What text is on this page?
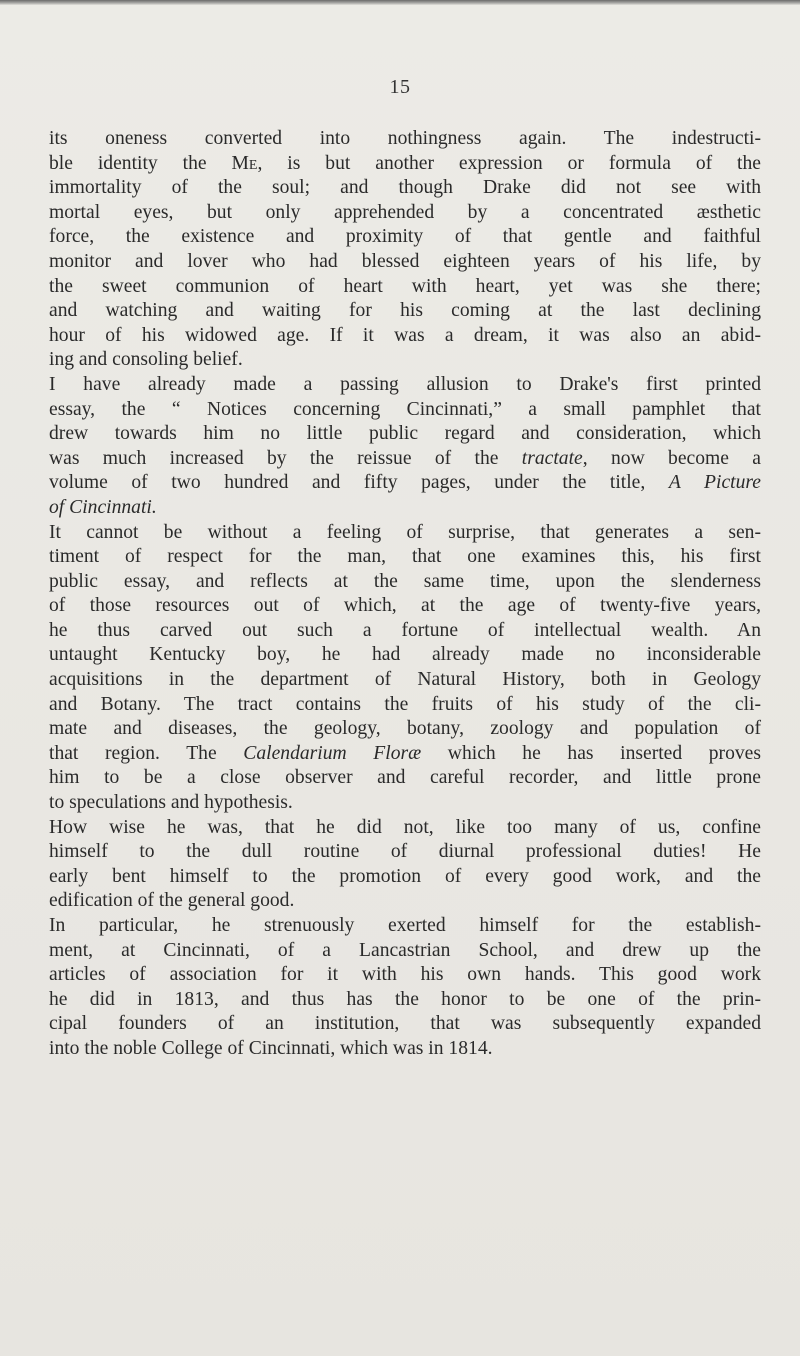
15
its oneness converted into nothingness again. The indestructi-
ble identity the Me, is but another expression or formula of the
immortality of the soul; and though Drake did not see with
mortal eyes, but only apprehended by a concentrated æsthetic
force, the existence and proximity of that gentle and faithful
monitor and lover who had blessed eighteen years of his life, by
the sweet communion of heart with heart, yet was she there;
and watching and waiting for his coming at the last declining
hour of his widowed age. If it was a dream, it was also an abid-
ing and consoling belief.
I have already made a passing allusion to Drake's first printed
essay, the “ Notices concerning Cincinnati,” a small pamphlet that
drew towards him no little public regard and consideration, which
was much increased by the reissue of the tractate, now become a
volume of two hundred and fifty pages, under the title, A Picture
of Cincinnati.
It cannot be without a feeling of surprise, that generates a sen-
timent of respect for the man, that one examines this, his first
public essay, and reflects at the same time, upon the slenderness
of those resources out of which, at the age of twenty-five years,
he thus carved out such a fortune of intellectual wealth. An
untaught Kentucky boy, he had already made no inconsiderable
acquisitions in the department of Natural History, both in Geology
and Botany. The tract contains the fruits of his study of the cli-
mate and diseases, the geology, botany, zoology and population of
that region. The Calendarium Floræ which he has inserted proves
him to be a close observer and careful recorder, and little prone
to speculations and hypothesis.
How wise he was, that he did not, like too many of us, confine
himself to the dull routine of diurnal professional duties! He
early bent himself to the promotion of every good work, and the
edification of the general good.
In particular, he strenuously exerted himself for the establish-
ment, at Cincinnati, of a Lancastrian School, and drew up the
articles of association for it with his own hands. This good work
he did in 1813, and thus has the honor to be one of the prin-
cipal founders of an institution, that was subsequently expanded
into the noble College of Cincinnati, which was in 1814.
